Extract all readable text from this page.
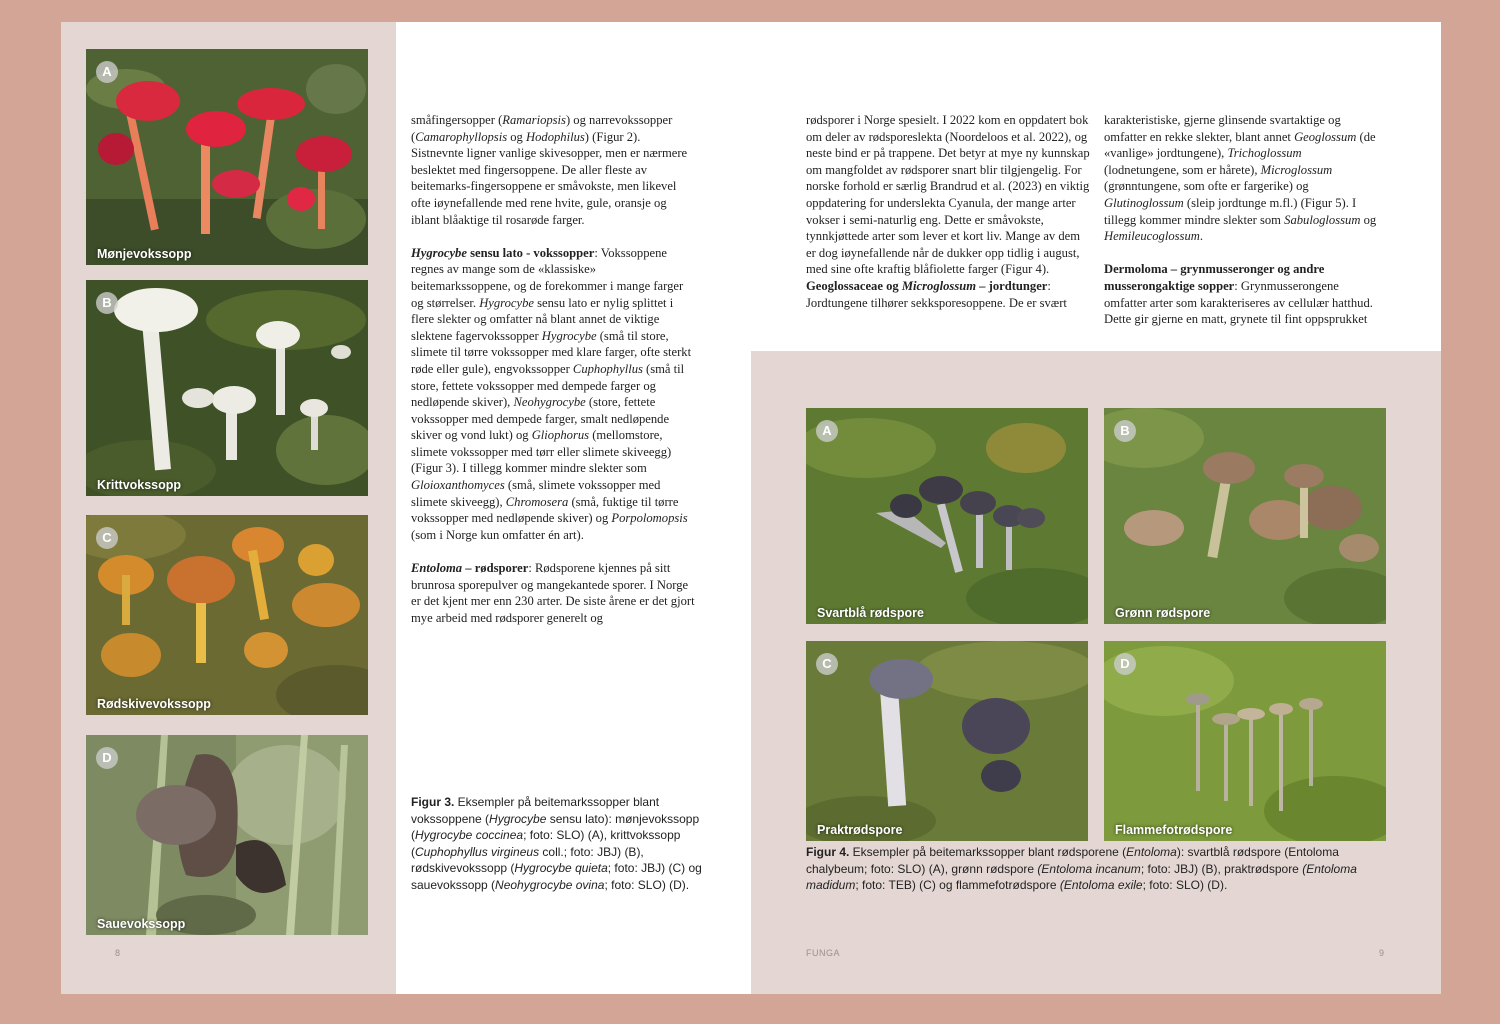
A
Mønjevokssopp
B
Krittvokssopp
C
Rødskivevokssopp
D
Sauevokssopp

småfingersopper (Ramariopsis) og narrevokssopper (Camarophyllopsis og Hodophilus) (Figur 2). Sistnevnte ligner vanlige skivesopper, men er nærmere beslektet med fingersoppene. De aller fleste av beitemarks-fingersoppene er småvokste, men likevel ofte iøynefallende med rene hvite, gule, oransje og iblant blåaktige til rosarøde farger.

Hygrocybe sensu lato - vokssopper: Vokssoppene regnes av mange som de «klassiske» beitemarkssoppene, og de forekommer i mange farger og størrelser. Hygrocybe sensu lato er nylig splittet i flere slekter og omfatter nå blant annet de viktige slektene fagervokssopper Hygrocybe (små til store, slimete til tørre vokssopper med klare farger, ofte sterkt røde eller gule), engvokssopper Cuphophyllus (små til store, fettete vokssopper med dempede farger og nedløpende skiver), Neohygrocybe (store, fettete vokssopper med dempede farger, smalt nedløpende skiver og vond lukt) og Gliophorus (mellomstore, slimete vokssopper med tørr eller slimete skiveegg) (Figur 3). I tillegg kommer mindre slekter som Gloioxanthomyces (små, slimete vokssopper med slimete skiveegg), Chromosera (små, fuktige til tørre vokssopper med nedløpende skiver) og Porpolomopsis (som i Norge kun omfatter én art).

Entoloma – rødsporer: Rødsporene kjennes på sitt brunrosa sporepulver og mangekantede sporer. I Norge er det kjent mer enn 230 arter. De siste årene er det gjort mye arbeid med rødsporer generelt og

Figur 3. Eksempler på beitemarkssopper blant vokssoppene (Hygrocybe sensu lato): mønjevokssopp (Hygrocybe coccinea; foto: SLO) (A), krittvokssopp (Cuphophyllus virgineus coll.; foto: JBJ) (B), rødskivevokssopp (Hygrocybe quieta; foto: JBJ) (C) og sauevokssopp (Neohygrocybe ovina; foto: SLO) (D).
8

rødsporer i Norge spesielt. I 2022 kom en oppdatert bok om deler av rødsporeslekta (Noordeloos et al. 2022), og neste bind er på trappene. Det betyr at mye ny kunnskap om mangfoldet av rødsporer snart blir tilgjengelig. For norske forhold er særlig Brandrud et al. (2023) en viktig oppdatering for underslekta Cyanula, der mange arter vokser i semi-naturlig eng. Dette er småvokste, tynnkjøttede arter som lever et kort liv. Mange av dem er dog iøynefallende når de dukker opp tidlig i august, med sine ofte kraftig blåfiolette farger (Figur 4). Geoglossaceae og Microglossum – jordtunger: Jordtungene tilhører sekksporesoppene. De er svært

karakteristiske, gjerne glinsende svartaktige og omfatter en rekke slekter, blant annet Geoglossum (de «vanlige» jordtungene), Trichoglossum (lodnetungene, som er hårete), Microglossum (grønntungene, som ofte er fargerike) og Glutinoglossum (sleip jordtunge m.fl.) (Figur 5). I tillegg kommer mindre slekter som Sabuloglossum og Hemileucoglossum.

Dermoloma – grynmusseronger og andre musserongaktige sopper: Grynmusserongene omfatter arter som karakteriseres av cellulær hatthud. Dette gir gjerne en matt, grynete til fint oppsprukket

A
Svartblå rødspore
B
Grønn rødspore
C
Praktrødspore
D
Flammefotrødspore
Figur 4. Eksempler på beitemarkssopper blant rødsporene (Entoloma): svartblå rødspore (Entoloma chalybeum; foto: SLO) (A), grønn rødspore (Entoloma incanum; foto: JBJ) (B), praktrødspore (Entoloma madidum; foto: TEB) (C) og flammefotrødspore (Entoloma exile; foto: SLO) (D).
FUNGA	9
